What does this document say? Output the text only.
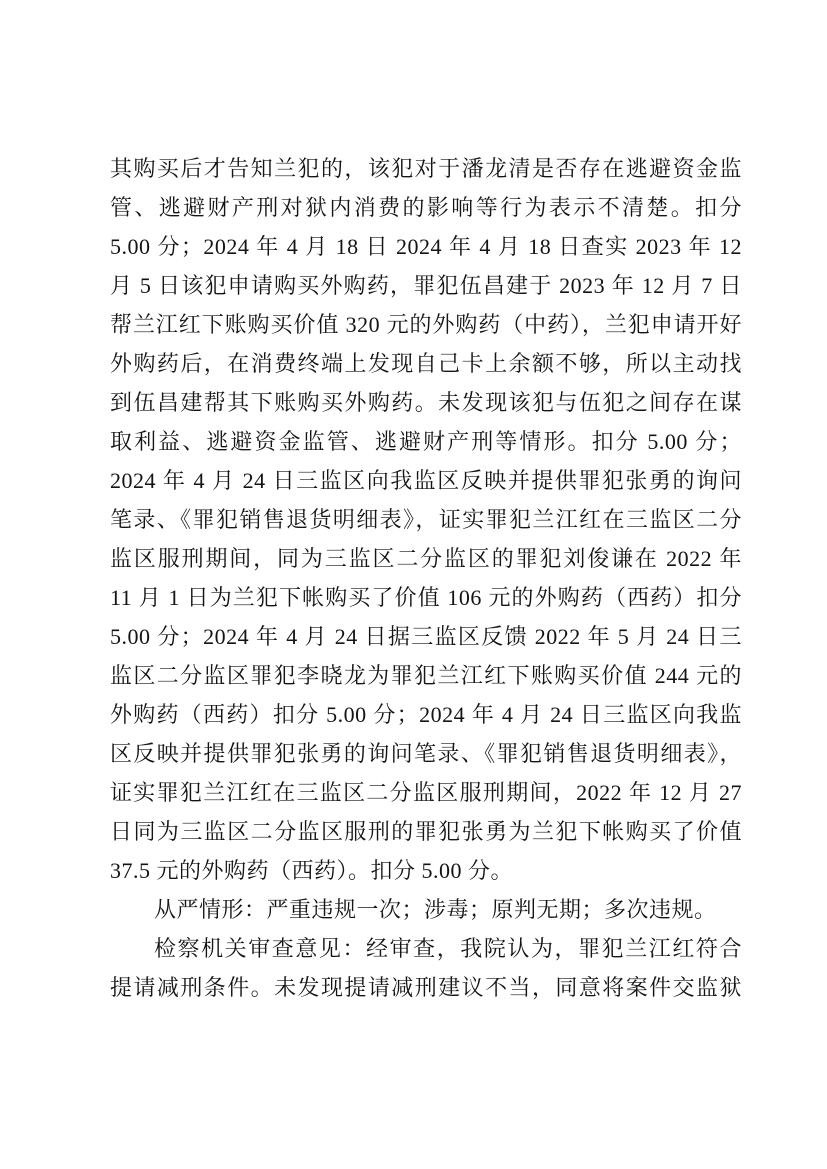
其购买后才告知兰犯的，该犯对于潘龙清是否存在逃避资金监
管、逃避财产刑对狱内消费的影响等行为表示不清楚。扣分
5.00 分；2024 年 4 月 18 日 2024 年 4 月 18 日查实 2023 年 12
月 5 日该犯申请购买外购药，罪犯伍昌建于 2023 年 12 月 7 日
帮兰江红下账购买价值 320 元的外购药（中药），兰犯申请开好
外购药后，在消费终端上发现自己卡上余额不够，所以主动找
到伍昌建帮其下账购买外购药。未发现该犯与伍犯之间存在谋
取利益、逃避资金监管、逃避财产刑等情形。扣分 5.00 分；
2024 年 4 月 24 日三监区向我监区反映并提供罪犯张勇的询问
笔录、《罪犯销售退货明细表》，证实罪犯兰江红在三监区二分
监区服刑期间，同为三监区二分监区的罪犯刘俊谦在 2022 年
11 月 1 日为兰犯下帐购买了价值 106 元的外购药（西药）扣分
5.00 分；2024 年 4 月 24 日据三监区反馈 2022 年 5 月 24 日三
监区二分监区罪犯李晓龙为罪犯兰江红下账购买价值 244 元的
外购药（西药）扣分 5.00 分；2024 年 4 月 24 日三监区向我监
区反映并提供罪犯张勇的询问笔录、《罪犯销售退货明细表》，
证实罪犯兰江红在三监区二分监区服刑期间，2022 年 12 月 27
日同为三监区二分监区服刑的罪犯张勇为兰犯下帐购买了价值
37.5 元的外购药（西药）。扣分 5.00 分。
从严情形：严重违规一次；涉毒；原判无期；多次违规。
检察机关审查意见：经审查，我院认为，罪犯兰江红符合
提请减刑条件。未发现提请减刑建议不当，同意将案件交监狱
